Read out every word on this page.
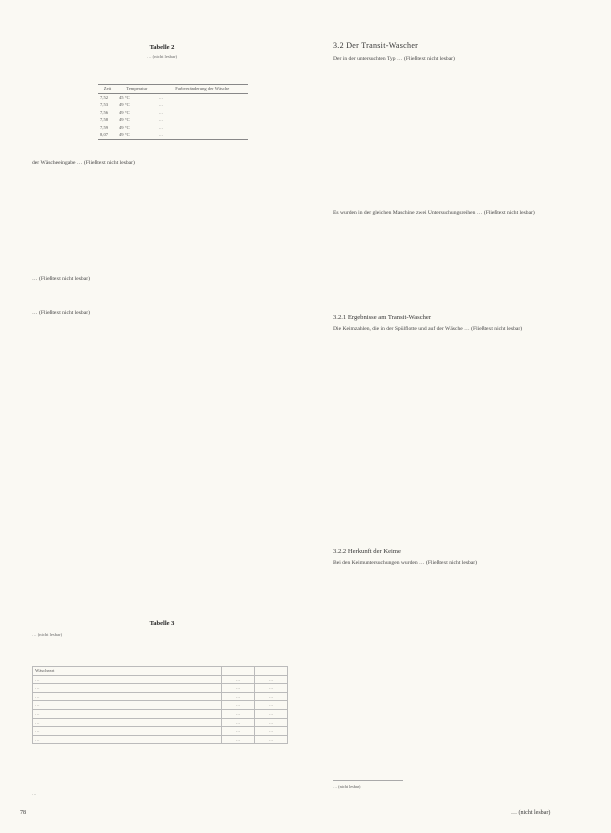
Tabelle 2
… (nicht lesbar)
Zeit	Temperatur	Farbveränderung der Wäsche
7,52	45 °C	…
7,53	49 °C	…
7,56	49 °C	…
7,58	49 °C	…
7,59	49 °C	…
8,07	49 °C	…
der Wäscheeingabe … (Fließtext nicht lesbar)
… (Fließtext nicht lesbar)
… (Fließtext nicht lesbar)
Tabelle 3
… (nicht lesbar)
Wäscheart		
…	…	…
…	…	…
…	…	…
…	…	…
…	…	…
…	…	…
…	…	…
…	…	…
…
78
3.2 Der Transit-Wascher
Der in der untersuchten Typ … (Fließtext nicht lesbar)
Es wurden in der gleichen Maschine zwei Untersuchungsreihen … (Fließtext nicht lesbar)
3.2.1 Ergebnisse am Transit-Wascher
Die Keimzahlen, die in der Spülflotte und auf der Wäsche … (Fließtext nicht lesbar)
3.2.2 Herkunft der Keime
Bei den Keimuntersuchungen wurden … (Fließtext nicht lesbar)
… (nicht lesbar)
… (nicht lesbar)
